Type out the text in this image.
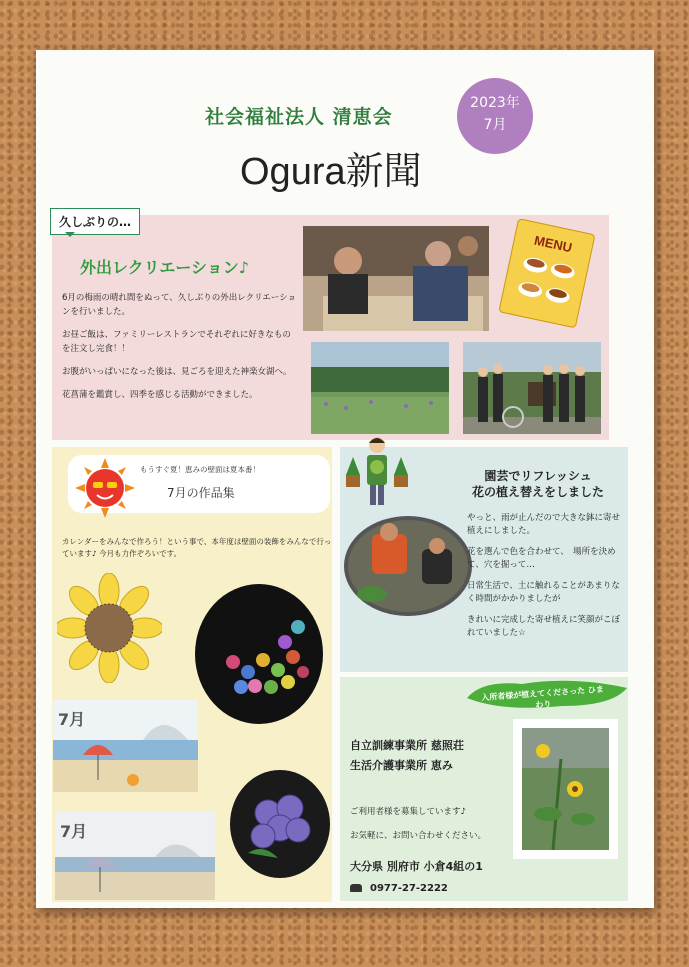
社会福祉法人 清恵会
Ogura新聞
2023年
7月
久しぶりの…
外出レクリエーション♪

6月の梅雨の晴れ間をぬって、久しぶりの外出レクリエーションを行いました。

お昼ご飯は、ファミリーレストランでそれぞれに好きなものを注文し完食！！

お腹がいっぱいになった後は、見ごろを迎えた神楽女湖へ。

花菖蒲を鑑賞し、四季を感じる活動ができました。

MENU
もうすぐ夏！恵みの壁面は夏本番！
7月の作品集
カレンダーをみんなで作ろう！という事で、本年度は壁面の装飾をみんなで行っています♪ 今月も力作ぞろいです。
7月
7月
園芸でリフレッシュ
花の植え替えをしました

やっと、雨が止んだので大きな鉢に寄せ植えにしました。

花を選んで色を合わせて、　場所を決めて、穴を掘って…

日常生活で、土に触れることがあまりなく時間がかかりましたが

きれいに完成した寄せ植えに笑顔がこぼれていました☆

入所者様が植えてくださった ひまわり
自立訓練事業所 慈照荘
生活介護事業所 恵み
ご利用者様を募集しています♪
お気軽に、お問い合わせください。
大分県 別府市 小倉4組の1
0977-27-2222
